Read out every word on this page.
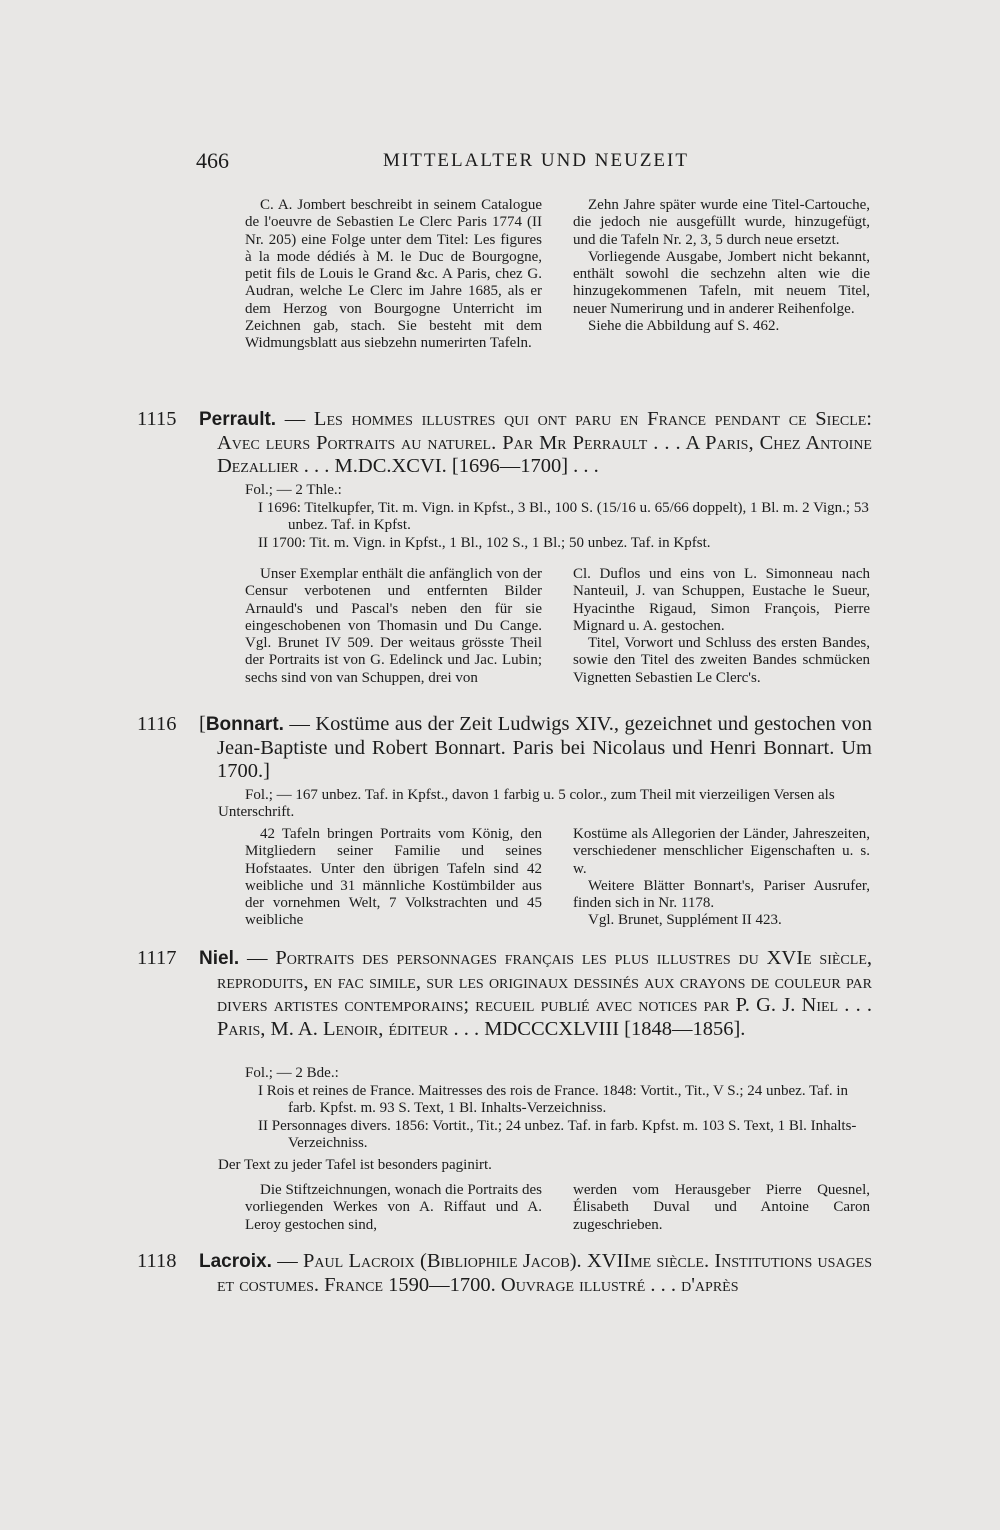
466	MITTELALTER UND NEUZEIT

C. A. Jombert beschreibt in seinem Catalogue de l'oeuvre de Sebastien Le Clerc Paris 1774 (II Nr. 205) eine Folge unter dem Titel: Les figures à la mode dédiés à M. le Duc de Bourgogne, petit fils de Louis le Grand &c. A Paris, chez G. Audran, welche Le Clerc im Jahre 1685, als er dem Herzog von Bourgogne Unterricht im Zeichnen gab, stach. Sie besteht mit dem Widmungsblatt aus siebzehn numerirten Tafeln.

Zehn Jahre später wurde eine Titel-Cartouche, die jedoch nie ausgefüllt wurde, hinzugefügt, und die Tafeln Nr. 2, 3, 5 durch neue ersetzt.

Vorliegende Ausgabe, Jombert nicht bekannt, enthält sowohl die sechzehn alten wie die hinzugekommenen Tafeln, mit neuem Titel, neuer Numerirung und in anderer Reihenfolge.

Siehe die Abbildung auf S. 462.

1115 Perrault. — Les hommes illustres qui ont paru en France pendant ce Siecle: Avec leurs Portraits au naturel. Par Mr Perrault . . . A Paris, Chez Antoine Dezallier . . . M.DC.XCVI. [1696—1700] . . .
Fol.; — 2 Thle.:

I 1696: Titelkupfer, Tit. m. Vign. in Kpfst., 3 Bl., 100 S. (15/16 u. 65/66 doppelt), 1 Bl. m. 2 Vign.; 53 unbez. Taf. in Kpfst.

II 1700: Tit. m. Vign. in Kpfst., 1 Bl., 102 S., 1 Bl.; 50 unbez. Taf. in Kpfst.

Unser Exemplar enthält die anfänglich von der Censur verbotenen und entfernten Bilder Arnauld's und Pascal's neben den für sie eingeschobenen von Thomasin und Du Cange. Vgl. Brunet IV 509. Der weitaus grösste Theil der Portraits ist von G. Edelinck und Jac. Lubin; sechs sind von van Schuppen, drei von

Cl. Duflos und eins von L. Simonneau nach Nanteuil, J. van Schuppen, Eustache le Sueur, Hyacinthe Rigaud, Simon François, Pierre Mignard u. A. gestochen.

Titel, Vorwort und Schluss des ersten Bandes, sowie den Titel des zweiten Bandes schmücken Vignetten Sebastien Le Clerc's.

1116 [Bonnart. — Kostüme aus der Zeit Ludwigs XIV., gezeichnet und gestochen von Jean-Baptiste und Robert Bonnart. Paris bei Nicolaus und Henri Bonnart. Um 1700.]

Fol.; — 167 unbez. Taf. in Kpfst., davon 1 farbig u. 5 color., zum Theil mit vierzeiligen Versen als Unterschrift.

42 Tafeln bringen Portraits vom König, den Mitgliedern seiner Familie und seines Hofstaates. Unter den übrigen Tafeln sind 42 weibliche und 31 männliche Kostümbilder aus der vornehmen Welt, 7 Volkstrachten und 45 weibliche

Kostüme als Allegorien der Länder, Jahreszeiten, verschiedener menschlicher Eigenschaften u. s. w.

Weitere Blätter Bonnart's, Pariser Ausrufer, finden sich in Nr. 1178.

Vgl. Brunet, Supplément II 423.

1117 Niel. — Portraits des personnages français les plus illustres du XVIe siècle, reproduits, en fac simile, sur les originaux dessinés aux crayons de couleur par divers artistes contemporains; recueil publié avec notices par P. G. J. Niel . . . Paris, M. A. Lenoir, éditeur . . . MDCCCXLVIII [1848—1856].
Fol.; — 2 Bde.:

I Rois et reines de France. Maitresses des rois de France. 1848: Vortit., Tit., V S.; 24 unbez. Taf. in farb. Kpfst. m. 93 S. Text, 1 Bl. Inhalts-Verzeichniss.

II Personnages divers. 1856: Vortit., Tit.; 24 unbez. Taf. in farb. Kpfst. m. 103 S. Text, 1 Bl. Inhalts-Verzeichniss.

Der Text zu jeder Tafel ist besonders paginirt.

Die Stiftzeichnungen, wonach die Portraits des vorliegenden Werkes von A. Riffaut und A. Leroy gestochen sind,

werden vom Herausgeber Pierre Quesnel, Élisabeth Duval und Antoine Caron zugeschrieben.

1118 Lacroix. — Paul Lacroix (Bibliophile Jacob). XVIIme siècle. Institutions usages et costumes. France 1590—1700. Ouvrage illustré . . . d'après
